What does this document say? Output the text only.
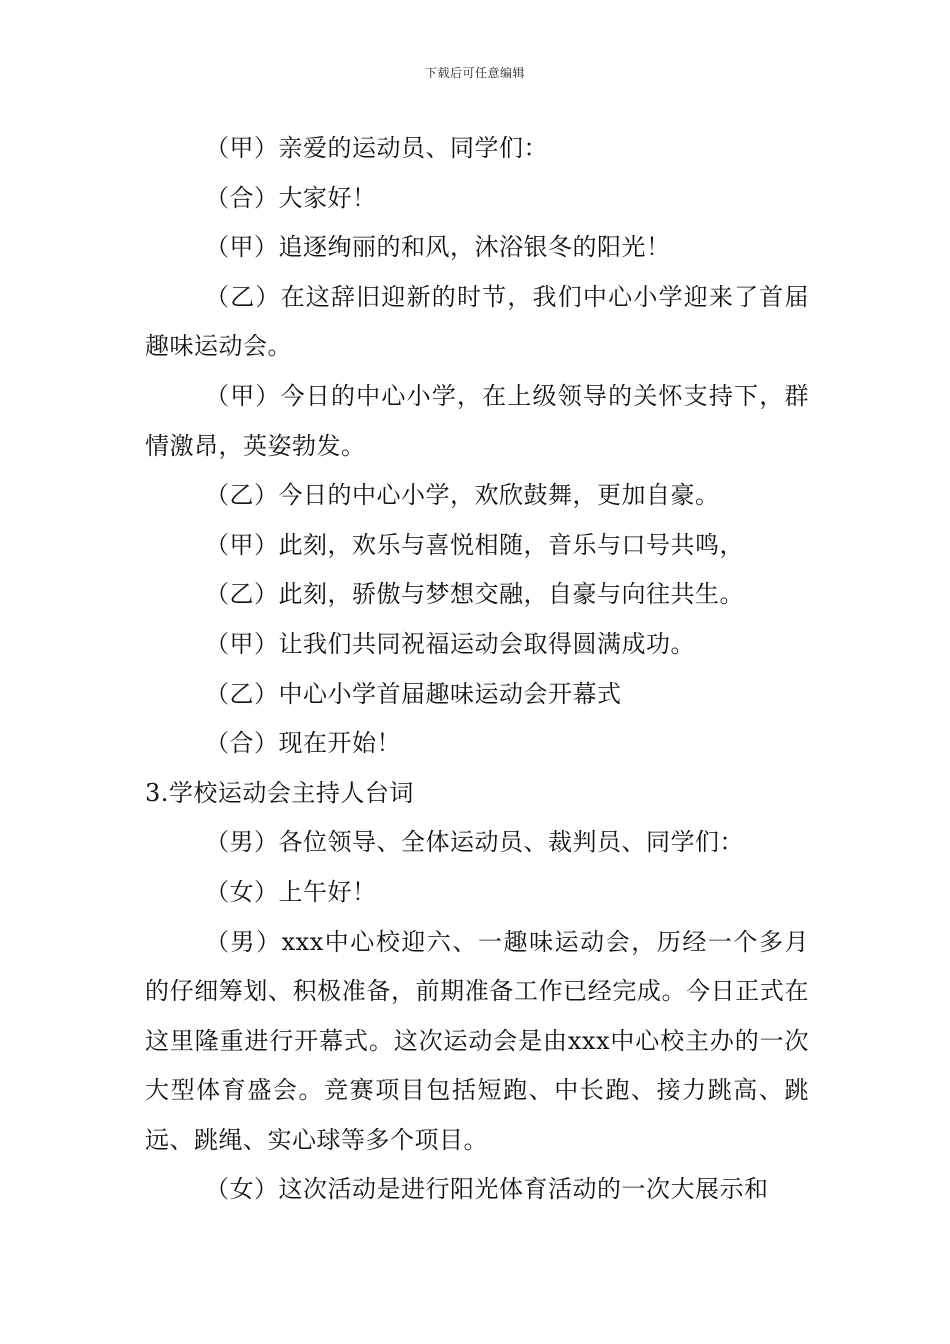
下载后可任意编辑

（甲）亲爱的运动员、同学们：

（合）大家好！

（甲）追逐绚丽的和风，沐浴银冬的阳光！

（乙）在这辞旧迎新的时节，我们中心小学迎来了首届趣味运动会。

（甲）今日的中心小学，在上级领导的关怀支持下，群情激昂，英姿勃发。

（乙）今日的中心小学，欢欣鼓舞，更加自豪。

（甲）此刻，欢乐与喜悦相随，音乐与口号共鸣，

（乙）此刻，骄傲与梦想交融，自豪与向往共生。

（甲）让我们共同祝福运动会取得圆满成功。

（乙）中心小学首届趣味运动会开幕式

（合）现在开始！

3.学校运动会主持人台词

（男）各位领导、全体运动员、裁判员、同学们：

（女）上午好！

（男）xxx中心校迎六、一趣味运动会，历经一个多月的仔细筹划、积极准备，前期准备工作已经完成。今日正式在这里隆重进行开幕式。这次运动会是由xxx中心校主办的一次大型体育盛会。竞赛项目包括短跑、中长跑、接力跳高、跳远、跳绳、实心球等多个项目。

（女）这次活动是进行阳光体育活动的一次大展示和
